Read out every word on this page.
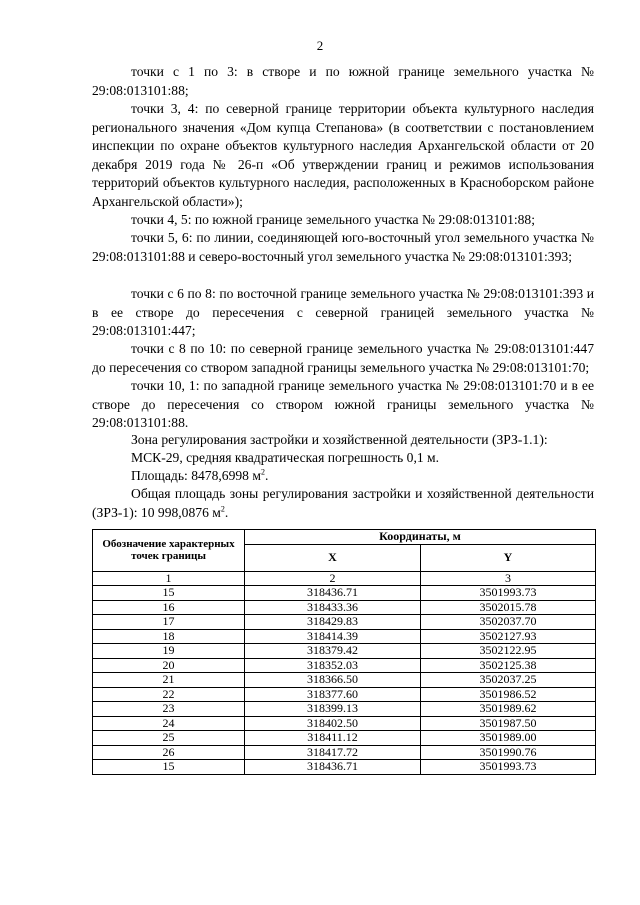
2

точки с 1 по 3: в створе и по южной границе земельного участка № 29:08:013101:88;

точки 3, 4: по северной границе территории объекта культурного наследия регионального значения «Дом купца Степанова» (в соответствии с постановлением инспекции по охране объектов культурного наследия Архангельской области от 20 декабря 2019 года № 26-п «Об утверждении границ и режимов использования территорий объектов культурного наследия, расположенных в Красноборском районе Архангельской области»);

точки 4, 5: по южной границе земельного участка № 29:08:013101:88;

точки 5, 6: по линии, соединяющей юго-восточный угол земельного участка № 29:08:013101:88 и северо-восточный угол земельного участка № 29:08:013101:393;

точки с 6 по 8: по восточной границе земельного участка № 29:08:013101:393 и в ее створе до пересечения с северной границей земельного участка № 29:08:013101:447;

точки с 8 по 10: по северной границе земельного участка № 29:08:013101:447 до пересечения со створом западной границы земельного участка № 29:08:013101:70;

точки 10, 1: по западной границе земельного участка № 29:08:013101:70 и в ее створе до пересечения со створом южной границы земельного участка № 29:08:013101:88.

Зона регулирования застройки и хозяйственной деятельности (ЗРЗ-1.1):

МСК-29, средняя квадратическая погрешность 0,1 м.

Площадь: 8478,6998 $м^2$.

Общая площадь зоны регулирования застройки и хозяйственной деятельности (ЗРЗ-1): 10 998,0876 $м^2$.

Обозначение характерных точек границы	Координаты, м	
	X	Y
1	2	3
15	318436.71	3501993.73
16	318433.36	3502015.78
17	318429.83	3502037.70
18	318414.39	3502127.93
19	318379.42	3502122.95
20	318352.03	3502125.38
21	318366.50	3502037.25
22	318377.60	3501986.52
23	318399.13	3501989.62
24	318402.50	3501987.50
25	318411.12	3501989.00
26	318417.72	3501990.76
15	318436.71	3501993.73
